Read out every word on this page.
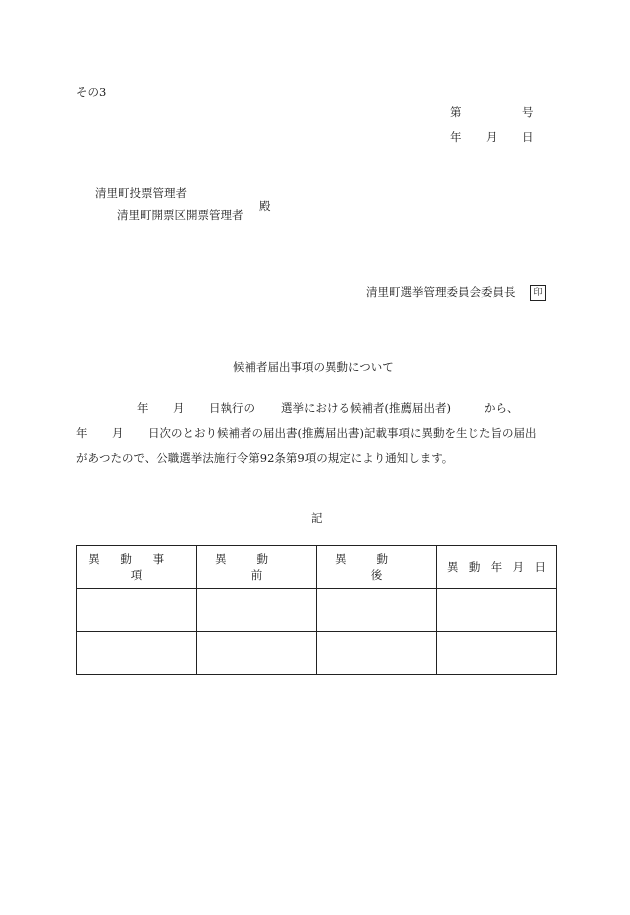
その3
第	号
年 月 日
清里町投票管理者
殿
清里町開票区開票管理者
清里町選挙管理委員会委員長	印
候補者届出事項の異動について
年 月 日執行の 選挙における候補者(推薦届出者)	から、
年 月 日次のとおり候補者の届出書(推薦届出書)記載事項に異動を生じた旨の届出
があつたので、公職選挙法施行令第92条第9項の規定により通知します。
記
異動事項	異動前	異動後	異動年月日
